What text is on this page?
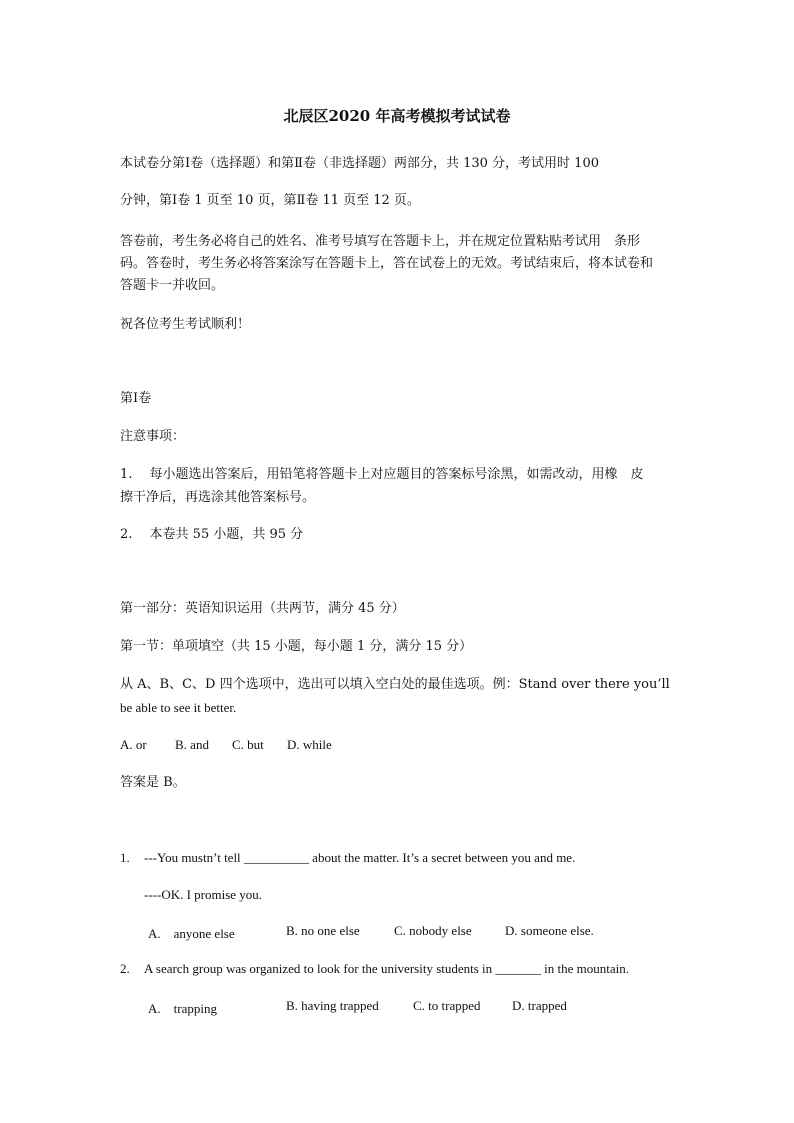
北辰区2020 年高考模拟考试试卷
本试卷分第Ⅰ卷（选择题）和第Ⅱ卷（非选择题）两部分，共 130 分，考试用时 100
分钟，第Ⅰ卷 1 页至 10 页，第Ⅱ卷 11 页至 12 页。
答卷前，考生务必将自己的姓名、准考号填写在答题卡上，并在规定位置粘贴考试用　条形
码。答卷时，考生务必将答案涂写在答题卡上，答在试卷上的无效。考试结束后，将本试卷和
答题卡一并收回。
祝各位考生考试顺利！
第Ⅰ卷
注意事项：
1.　 每小题选出答案后，用铅笔将答题卡上对应题目的答案标号涂黑，如需改动，用橡　皮
擦干净后，再选涂其他答案标号。
2.　 本卷共 55 小题，共 95 分
第一部分：英语知识运用（共两节，满分 45 分）
第一节：单项填空（共 15 小题，每小题 1 分，满分 15 分）
从 A、B、C、D 四个选项中，选出可以填入空白处的最佳选项。例：Stand over there you’ll
be able to see it better.
A. or B. and C. but D. while
答案是 B。
1. ---You mustn’t tell __________ about the matter. It’s a secret between you and me.
----OK. I promise you.
A.　anyone else	B. no one else	C. nobody else	D. someone else.
2. A search group was organized to look for the university students in _______ in the mountain.
A.　trapping	B. having trapped	C. to trapped D. trapped
